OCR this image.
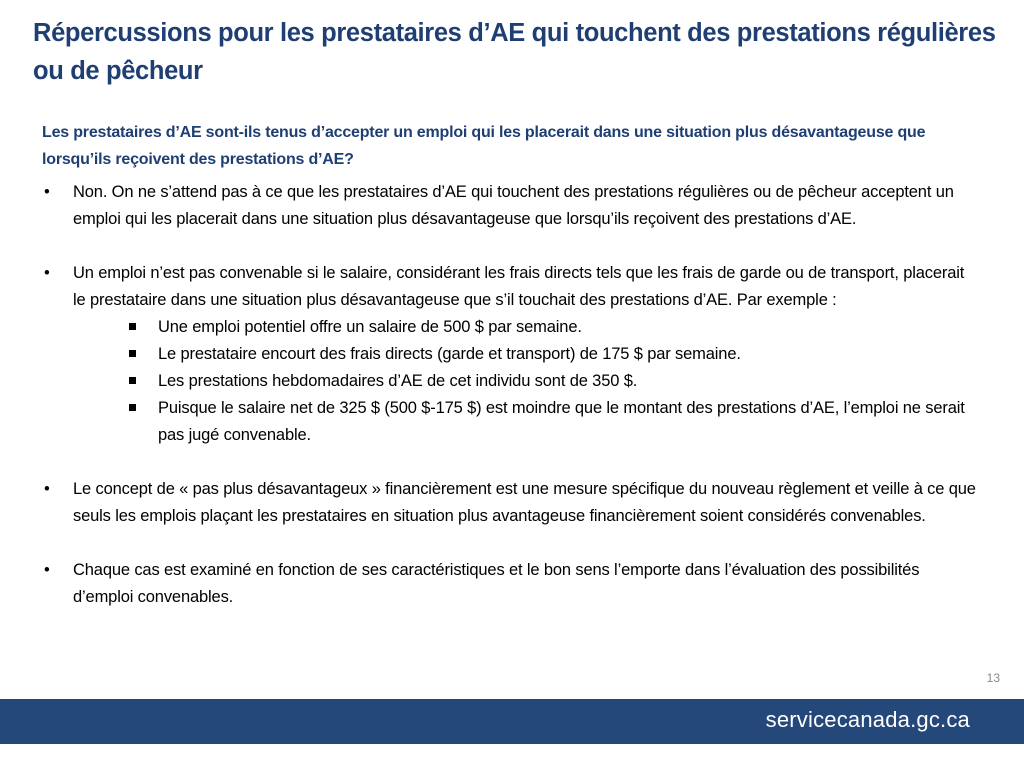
Répercussions pour les prestataires d’AE qui touchent des prestations régulières ou de pêcheur
Les prestataires d’AE sont-ils tenus d’accepter un emploi qui les placerait dans une situation plus désavantageuse que lorsqu’ils reçoivent des prestations d’AE?
• Non. On ne s’attend pas à ce que les prestataires d’AE qui touchent des prestations régulières ou de pêcheur acceptent un emploi qui les placerait dans une situation plus désavantageuse que lorsqu’ils reçoivent des prestations d’AE.
• Un emploi n’est pas convenable si le salaire, considérant les frais directs tels que les frais de garde ou de transport, placerait le prestataire dans une situation plus désavantageuse que s’il touchait des prestations d’AE. Par exemple :
Une emploi potentiel offre un salaire de 500 $ par semaine.
Le prestataire encourt des frais directs (garde et transport) de 175 $ par semaine.
Les prestations hebdomadaires d’AE de cet individu sont de 350 $.
Puisque le salaire net de 325 $ (500 $-175 $) est moindre que le montant des prestations d’AE, l’emploi ne serait pas jugé convenable.
• Le concept de « pas plus désavantageux » financièrement est une mesure spécifique du nouveau règlement et veille à ce que seuls les emplois plaçant les prestataires en situation plus avantageuse financièrement soient considérés convenables.
• Chaque cas est examiné en fonction de ses caractéristiques et le bon sens l’emporte dans l’évaluation des possibilités d’emploi convenables.
13
servicecanada.gc.ca
